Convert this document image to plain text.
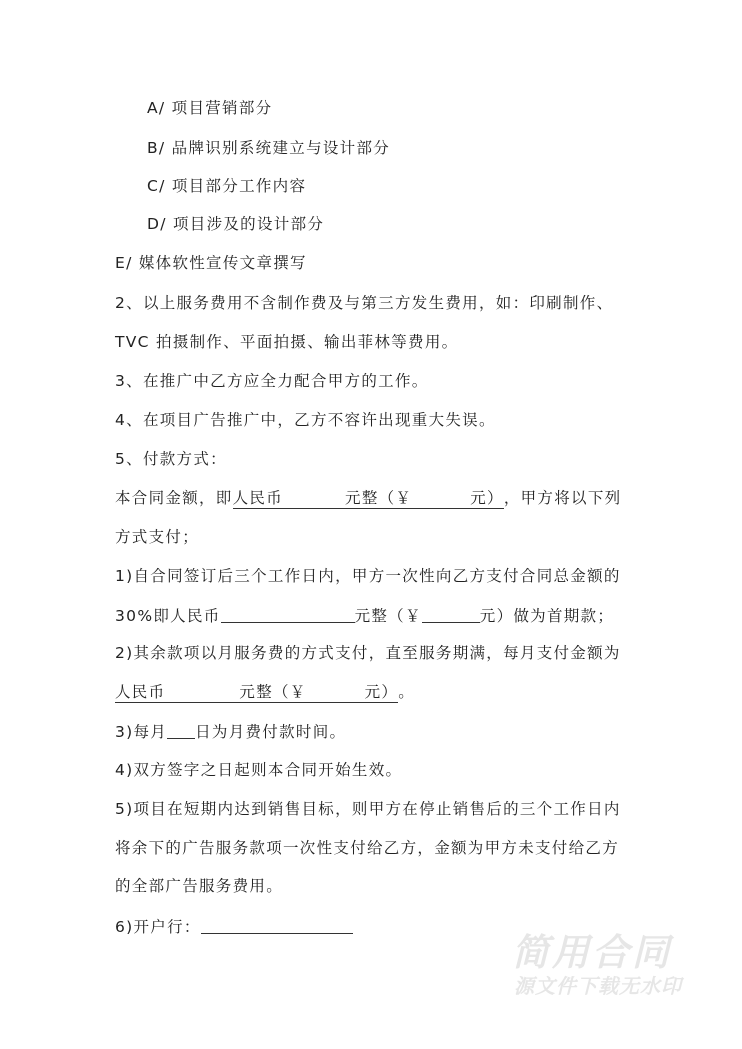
A/ 项目营销部分
B/ 品牌识别系统建立与设计部分
C/ 项目部分工作内容
D/ 项目涉及的设计部分
E/ 媒体软性宣传文章撰写
2、以上服务费用不含制作费及与第三方发生费用，如：印刷制作、
TVC 拍摄制作、平面拍摄、输出菲林等费用。
3、在推广中乙方应全力配合甲方的工作。
4、在项目广告推广中，乙方不容许出现重大失误。
5、付款方式：
本合同金额，即人民币	元整（￥	元），甲方将以下列
方式支付；
1)自合同签订后三个工作日内，甲方一次性向乙方支付合同总金额的
30%即人民币	元整（￥	元）做为首期款；
2)其余款项以月服务费的方式支付，直至服务期满，每月支付金额为
人民币	元整（￥	元）。
3)每月 日为月费付款时间。
4)双方签字之日起则本合同开始生效。
5)项目在短期内达到销售目标，则甲方在停止销售后的三个工作日内
将余下的广告服务款项一次性支付给乙方，金额为甲方未支付给乙方
的全部广告服务费用。
6)开户行：
简用合同
源文件下载无水印
